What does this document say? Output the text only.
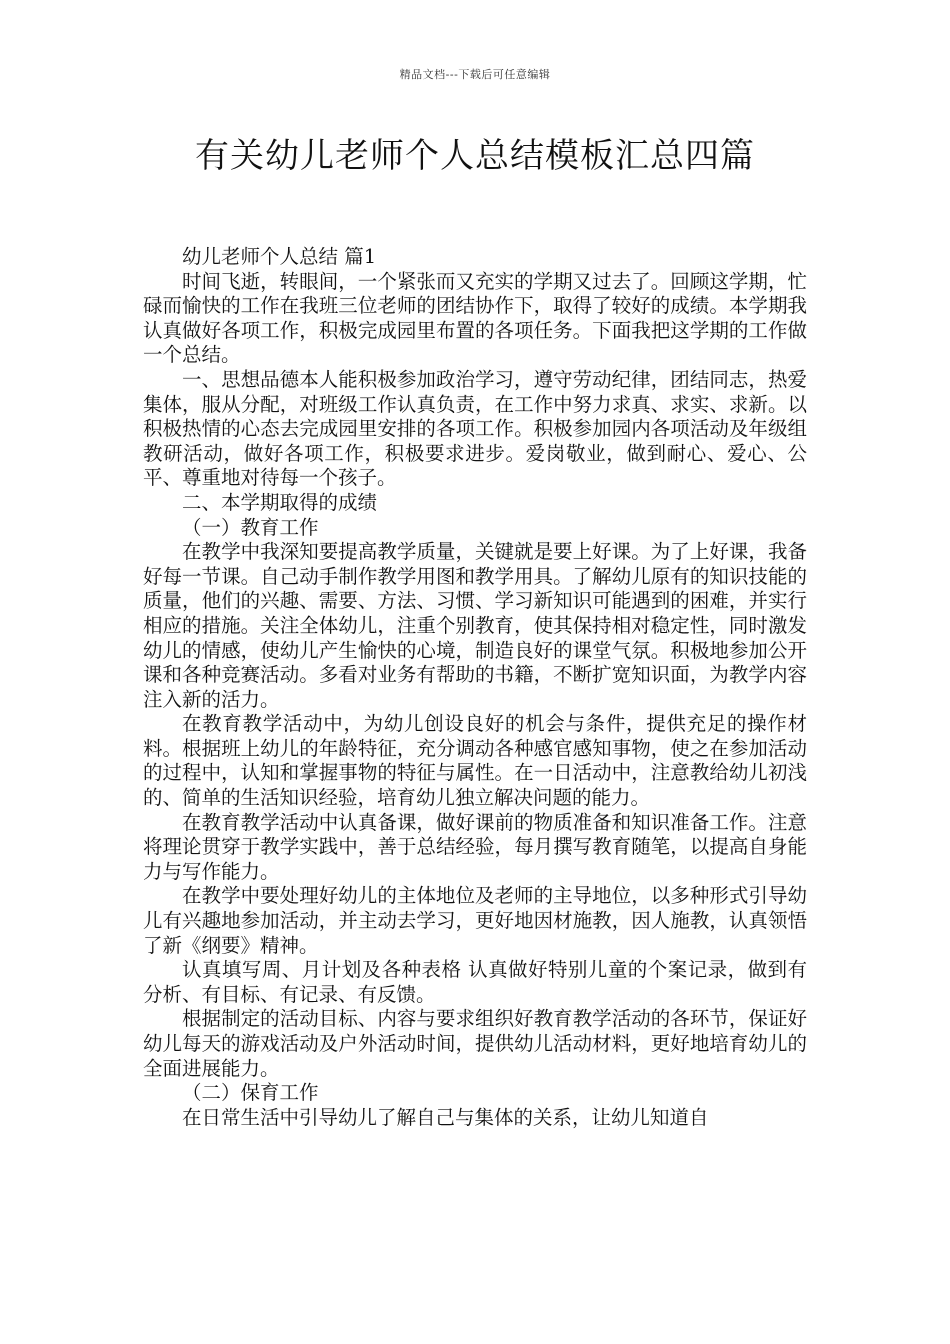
精品文档---下载后可任意编辑
有关幼儿老师个人总结模板汇总四篇

幼儿老师个人总结 篇1

时间飞逝，转眼间，一个紧张而又充实的学期又过去了。回顾这学期，忙碌而愉快的工作在我班三位老师的团结协作下，取得了较好的成绩。本学期我认真做好各项工作，积极完成园里布置的各项任务。下面我把这学期的工作做一个总结。

一、思想品德本人能积极参加政治学习，遵守劳动纪律，团结同志，热爱集体，服从分配，对班级工作认真负责，在工作中努力求真、求实、求新。以积极热情的心态去完成园里安排的各项工作。积极参加园内各项活动及年级组教研活动，做好各项工作，积极要求进步。爱岗敬业，做到耐心、爱心、公平、尊重地对待每一个孩子。

二、本学期取得的成绩

（一）教育工作

在教学中我深知要提高教学质量，关键就是要上好课。为了上好课，我备好每一节课。自己动手制作教学用图和教学用具。了解幼儿原有的知识技能的质量，他们的兴趣、需要、方法、习惯、学习新知识可能遇到的困难，并实行相应的措施。关注全体幼儿，注重个别教育，使其保持相对稳定性，同时激发幼儿的情感，使幼儿产生愉快的心境，制造良好的课堂气氛。积极地参加公开课和各种竞赛活动。多看对业务有帮助的书籍，不断扩宽知识面，为教学内容注入新的活力。

在教育教学活动中，为幼儿创设良好的机会与条件，提供充足的操作材料。根据班上幼儿的年龄特征，充分调动各种感官感知事物，使之在参加活动的过程中，认知和掌握事物的特征与属性。在一日活动中，注意教给幼儿初浅的、简单的生活知识经验，培育幼儿独立解决问题的能力。

在教育教学活动中认真备课，做好课前的物质准备和知识准备工作。注意将理论贯穿于教学实践中，善于总结经验，每月撰写教育随笔，以提高自身能力与写作能力。

在教学中要处理好幼儿的主体地位及老师的主导地位，以多种形式引导幼儿有兴趣地参加活动，并主动去学习，更好地因材施教，因人施教，认真领悟了新《纲要》精神。

认真填写周、月计划及各种表格 认真做好特别儿童的个案记录，做到有分析、有目标、有记录、有反馈。

根据制定的活动目标、内容与要求组织好教育教学活动的各环节，保证好幼儿每天的游戏活动及户外活动时间，提供幼儿活动材料，更好地培育幼儿的全面进展能力。

（二）保育工作

在日常生活中引导幼儿了解自己与集体的关系，让幼儿知道自
